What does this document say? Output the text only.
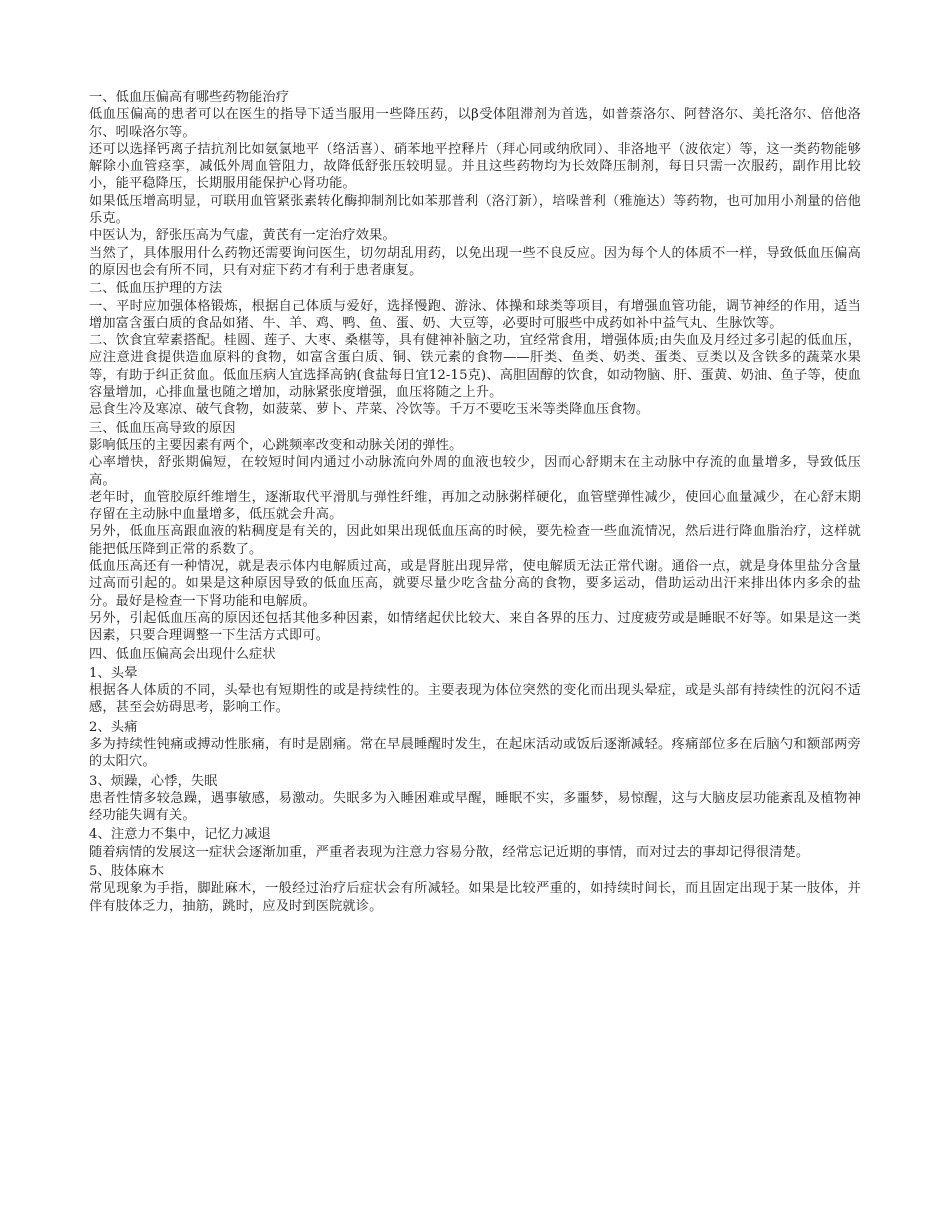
一、低血压偏高有哪些药物能治疗

低血压偏高的患者可以在医生的指导下适当服用一些降压药，以β受体阻滞剂为首选，如普萘洛尔、阿替洛尔、美托洛尔、倍他洛尔、吲哚洛尔等。

还可以选择钙离子拮抗剂比如氨氯地平（络活喜）、硝苯地平控释片（拜心同或纳欣同）、非洛地平（波依定）等，这一类药物能够解除小血管痉挛，减低外周血管阻力，故降低舒张压较明显。并且这些药物均为长效降压制剂，每日只需一次服药，副作用比较小，能平稳降压，长期服用能保护心肾功能。

如果低压增高明显，可联用血管紧张素转化酶抑制剂比如苯那普利（洛汀新），培哚普利（雅施达）等药物，也可加用小剂量的倍他乐克。

中医认为，舒张压高为气虚，黄芪有一定治疗效果。

当然了，具体服用什么药物还需要询问医生，切勿胡乱用药，以免出现一些不良反应。因为每个人的体质不一样，导致低血压偏高的原因也会有所不同，只有对症下药才有利于患者康复。

二、低血压护理的方法

一、平时应加强体格锻炼，根据自己体质与爱好，选择慢跑、游泳、体操和球类等项目，有增强血管功能，调节神经的作用，适当增加富含蛋白质的食品如猪、牛、羊、鸡、鸭、鱼、蛋、奶、大豆等，必要时可服些中成药如补中益气丸、生脉饮等。

二、饮食宜荤素搭配。桂圆、莲子、大枣、桑椹等，具有健神补脑之功，宜经常食用，增强体质;由失血及月经过多引起的低血压，应注意进食提供造血原料的食物，如富含蛋白质、铜、铁元素的食物——肝类、鱼类、奶类、蛋类、豆类以及含铁多的蔬菜水果等，有助于纠正贫血。低血压病人宜选择高钠(食盐每日宜12-15克)、高胆固醇的饮食，如动物脑、肝、蛋黄、奶油、鱼子等，使血容量增加，心排血量也随之增加，动脉紧张度增强，血压将随之上升。

忌食生冷及寒凉、破气食物，如菠菜、萝卜、芹菜、冷饮等。千万不要吃玉米等类降血压食物。

三、低血压高导致的原因

影响低压的主要因素有两个，心跳频率改变和动脉关闭的弹性。

心率增快，舒张期偏短，在较短时间内通过小动脉流向外周的血液也较少，因而心舒期末在主动脉中存流的血量增多，导致低压高。

老年时，血管胶原纤维增生，逐渐取代平滑肌与弹性纤维，再加之动脉粥样硬化，血管壁弹性减少，使回心血量减少，在心舒末期存留在主动脉中血量增多，低压就会升高。

另外，低血压高跟血液的粘稠度是有关的，因此如果出现低血压高的时候，要先检查一些血流情况，然后进行降血脂治疗，这样就能把低压降到正常的系数了。

低血压高还有一种情况，就是表示体内电解质过高，或是肾脏出现异常，使电解质无法正常代谢。通俗一点，就是身体里盐分含量过高而引起的。如果是这种原因导致的低血压高，就要尽量少吃含盐分高的食物，要多运动，借助运动出汗来排出体内多余的盐分。最好是检查一下肾功能和电解质。

另外，引起低血压高的原因还包括其他多种因素，如情绪起伏比较大、来自各界的压力、过度疲劳或是睡眠不好等。如果是这一类因素，只要合理调整一下生活方式即可。

四、低血压偏高会出现什么症状

1、头晕

根据各人体质的不同，头晕也有短期性的或是持续性的。主要表现为体位突然的变化而出现头晕症，或是头部有持续性的沉闷不适感，甚至会妨碍思考，影响工作。

2、头痛

多为持续性钝痛或搏动性胀痛，有时是剧痛。常在早晨睡醒时发生，在起床活动或饭后逐渐减轻。疼痛部位多在后脑勺和额部两旁的太阳穴。

3、烦躁，心悸，失眠

患者性情多较急躁，遇事敏感，易激动。失眠多为入睡困难或早醒，睡眠不实，多噩梦，易惊醒，这与大脑皮层功能紊乱及植物神经功能失调有关。

4、注意力不集中，记忆力减退

随着病情的发展这一症状会逐渐加重，严重者表现为注意力容易分散，经常忘记近期的事情，而对过去的事却记得很清楚。

5、肢体麻木

常见现象为手指，脚趾麻木，一般经过治疗后症状会有所减轻。如果是比较严重的，如持续时间长，而且固定出现于某一肢体，并伴有肢体乏力，抽筋，跳时，应及时到医院就诊。
